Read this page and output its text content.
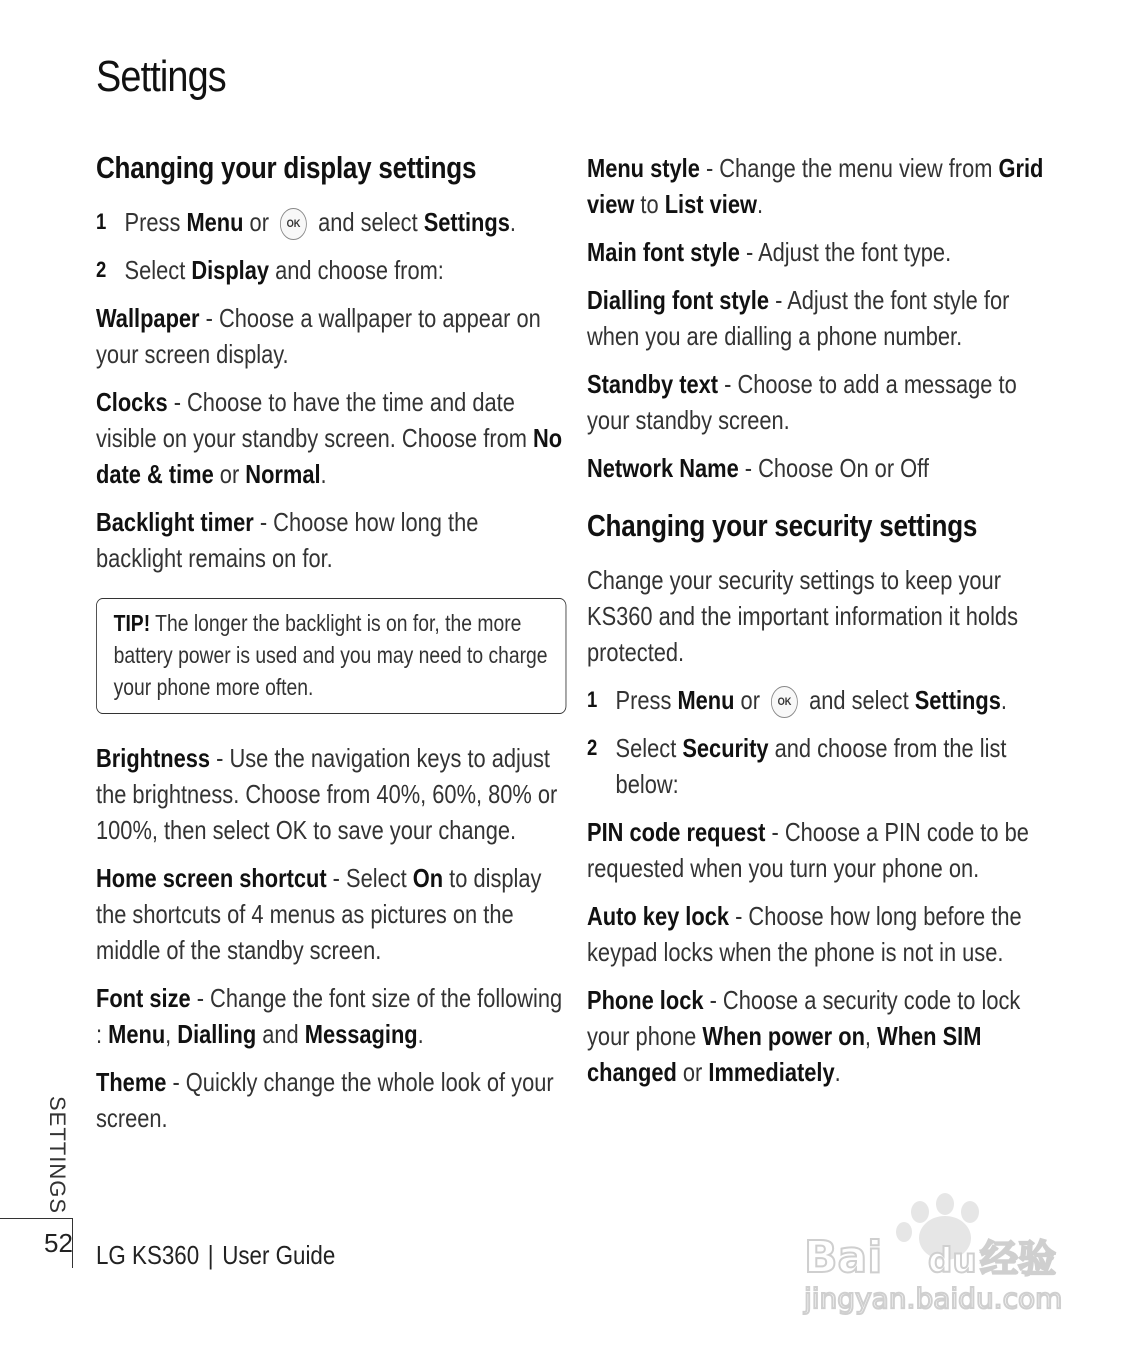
Settings
Changing your display settings
1 Press Menu or OK and select Settings.
2 Select Display and choose from:

Wallpaper - Choose a wallpaper to appear on your screen display.

Clocks - Choose to have the time and date visible on your standby screen. Choose from No date & time or Normal.

Backlight timer - Choose how long the backlight remains on for.

TIP! The longer the backlight is on for, the more battery power is used and you may need to charge your phone more often.

Brightness - Use the navigation keys to adjust the brightness. Choose from 40%, 60%, 80% or 100%, then select OK to save your change.

Home screen shortcut - Select On to display the shortcuts of 4 menus as pictures on the middle of the standby screen.

Font size - Change the font size of the following : Menu, Dialling and Messaging.

Theme - Quickly change the whole look of your screen.

Menu style - Change the menu view from Grid view to List view.

Main font style - Adjust the font type.

Dialling font style - Adjust the font style for when you are dialling a phone number.

Standby text - Choose to add a message to your standby screen.

Network Name - Choose On or Off

Changing your security settings

Change your security settings to keep your KS360 and the important information it holds protected.

1 Press Menu or OK and select Settings.
2 Select Security and choose from the list below:

PIN code request - Choose a PIN code to be requested when you turn your phone on.

Auto key lock - Choose how long before the keypad locks when the phone is not in use.

Phone lock - Choose a security code to lock your phone When power on, When SIM changed or Immediately.

SETTINGS
52 LG KS360 | User Guide	Bai du 经验
jingyan.baidu.com
